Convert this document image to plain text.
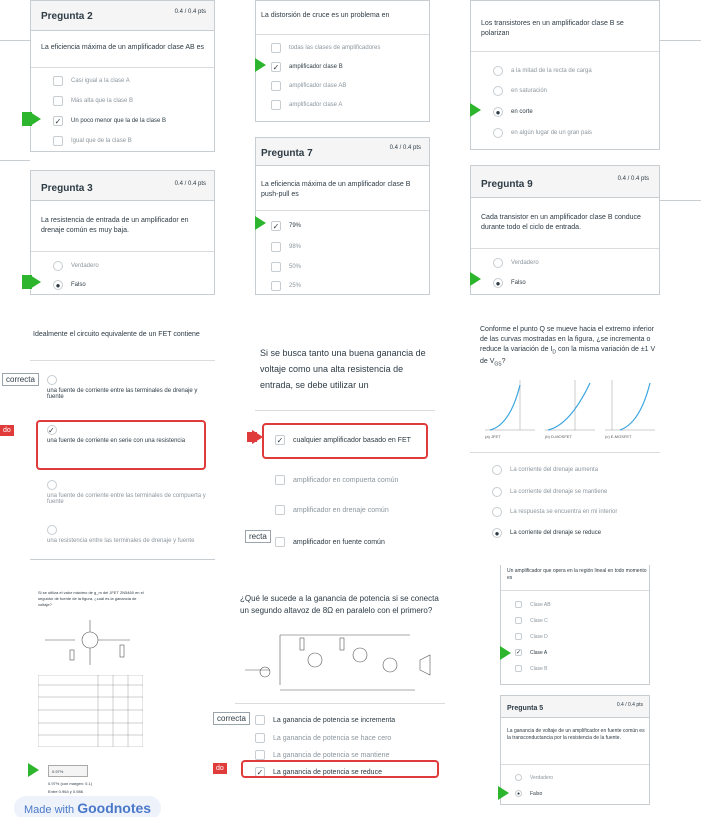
Pregunta 2	0.4 / 0.4 pts
La eficiencia máxima de un amplificador clase AB es
Casi igual a la clase A
Más alta que la clase B
✓ Un poco menor que la de la clase B
Igual que de la clase B
Pregunta 3	0.4 / 0.4 pts
La resistencia de entrada de un amplificador en drenaje común es muy baja.
Verdadero
●	Falso
La distorsión de cruce es un problema en
todas las clases de amplificadores
✓ amplificador clase B
amplificador clase AB
amplificador clase A
Pregunta 7	0.4 / 0.4 pts
La eficiencia máxima de un amplificador clase B push-pull es
✓ 79%
98%
50%
25%
Los transistores en un amplificador clase B se polarizan
a la mitad de la recta de carga
en saturación
●	en corte
en algún lugar de un gran pais
Pregunta 9	0.4 / 0.4 pts
Cada transistor en un amplificador clase B conduce durante todo el ciclo de entrada.
Verdadero
●	Falso
Idealmente el circuito equivalente de un FET contiene
una fuente de corriente entre las terminales de drenaje y fuente
✓
una fuente de corriente en serie con una resistencia
una fuente de corriente entre las terminales de compuerta y fuente
una resistencia entre las terminales de drenaje y fuente
correcta
do
Si se busca tanto una buena ganancia de voltaje como una alta resistencia de entrada, se debe utilizar un
✓ cualquier amplificador basado en FET
amplificador en compuerta común
amplificador en drenaje común
amplificador en fuente común
recta
Conforme el punto Q se mueve hacia el extremo inferior de las curvas mostradas en la figura, ¿se incrementa o reduce la variación de $I_D$ con la misma variación de ±1 V de $V_{GS}$?
(a) JFET	(b) D-MOSFET	(c) E-MOSFET
La corriente del drenaje aumenta
La corriente del drenaje se mantiene
La respuesta se encuentra en mi interior
●	La corriente del drenaje se reduce
Si se utiliza el valor máximo de g_m del JFET 2N5460 en el seguidor de fuente de la figura, ¿cuál es la ganancia de voltaje?
0.97%
0.97% (con margen: 0.1)
Entre 0.964 y 0.986
¿Qué le sucede a la ganancia de potencia si se conecta un segundo altavoz de 8Ω en paralelo con el primero?
La ganancia de potencia se incrementa
La ganancia de potencia se hace cero
La ganancia de potencia se mantiene
✓ La ganancia de potencia se reduce
correcta
do
Un amplificador que opera en la región lineal en todo momento es
Clase AB
Clase C
Clase D
✓ Clase A
Clase B
Pregunta 5	0.4 / 0.4 pts
La ganancia de voltaje de un amplificador en fuente común es la transconductancia por la resistencia de la fuente.
Verdadero
●	Falso
Made with Goodnotes
